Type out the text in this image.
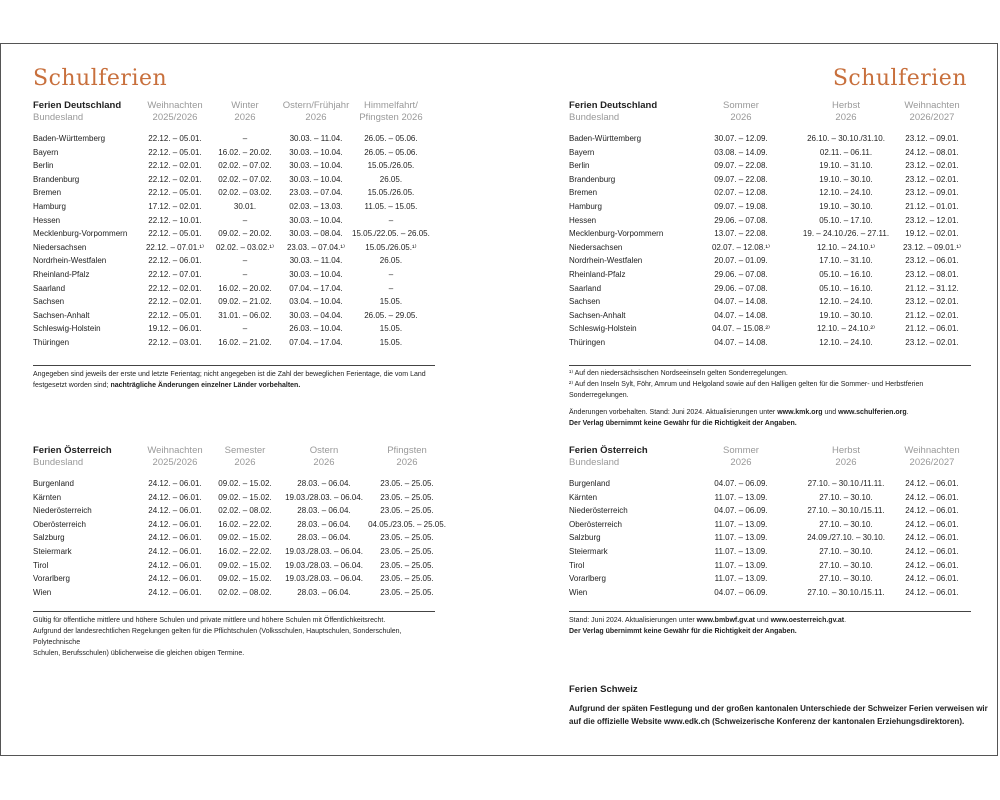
Schulferien	Schulferien
Ferien Deutschland	Weihnachten	Winter	Ostern/Frühjahr	Himmelfahrt/
Bundesland	2025/2026	2026	2026	Pfingsten 2026

Baden-Württemberg	22.12. – 05.01.	–	30.03. – 11.04.	26.05. – 05.06.
Bayern	22.12. – 05.01.	16.02. – 20.02.	30.03. – 10.04.	26.05. – 05.06.
Berlin	22.12. – 02.01.	02.02. – 07.02.	30.03. – 10.04.	15.05./26.05.
Brandenburg	22.12. – 02.01.	02.02. – 07.02.	30.03. – 10.04.	26.05.
Bremen	22.12. – 05.01.	02.02. – 03.02.	23.03. – 07.04.	15.05./26.05.
Hamburg	17.12. – 02.01.	30.01.	02.03. – 13.03.	11.05. – 15.05.
Hessen	22.12. – 10.01.	–	30.03. – 10.04.	–
Mecklenburg-Vorpommern	22.12. – 05.01.	09.02. – 20.02.	30.03. – 08.04.	15.05./22.05. – 26.05.
Niedersachsen	22.12. – 07.01.¹⁾	02.02. – 03.02.¹⁾	23.03. – 07.04.¹⁾	15.05./26.05.¹⁾
Nordrhein-Westfalen	22.12. – 06.01.	–	30.03. – 11.04.	26.05.
Rheinland-Pfalz	22.12. – 07.01.	–	30.03. – 10.04.	–
Saarland	22.12. – 02.01.	16.02. – 20.02.	07.04. – 17.04.	–
Sachsen	22.12. – 02.01.	09.02. – 21.02.	03.04. – 10.04.	15.05.
Sachsen-Anhalt	22.12. – 05.01.	31.01. – 06.02.	30.03. – 04.04.	26.05. – 29.05.
Schleswig-Holstein	19.12. – 06.01.	–	26.03. – 10.04.	15.05.
Thüringen	22.12. – 03.01.	16.02. – 21.02.	07.04. – 17.04.	15.05.
Angegeben sind jeweils der erste und letzte Ferientag; nicht angegeben ist die Zahl der beweglichen Ferientage, die vom Land festgesetzt worden sind; nachträgliche Änderungen einzelner Länder vorbehalten.
Ferien Deutschland	Sommer	Herbst	Weihnachten
Bundesland	2026	2026	2026/2027

Baden-Württemberg	30.07. – 12.09.	26.10. – 30.10./31.10.	23.12. – 09.01.
Bayern	03.08. – 14.09.	02.11. – 06.11.	24.12. – 08.01.
Berlin	09.07. – 22.08.	19.10. – 31.10.	23.12. – 02.01.
Brandenburg	09.07. – 22.08.	19.10. – 30.10.	23.12. – 02.01.
Bremen	02.07. – 12.08.	12.10. – 24.10.	23.12. – 09.01.
Hamburg	09.07. – 19.08.	19.10. – 30.10.	21.12. – 01.01.
Hessen	29.06. – 07.08.	05.10. – 17.10.	23.12. – 12.01.
Mecklenburg-Vorpommern	13.07. – 22.08.	19. – 24.10./26. – 27.11.	19.12. – 02.01.
Niedersachsen	02.07. – 12.08.¹⁾	12.10. – 24.10.¹⁾	23.12. – 09.01.¹⁾
Nordrhein-Westfalen	20.07. – 01.09.	17.10. – 31.10.	23.12. – 06.01.
Rheinland-Pfalz	29.06. – 07.08.	05.10. – 16.10.	23.12. – 08.01.
Saarland	29.06. – 07.08.	05.10. – 16.10.	21.12. – 31.12.
Sachsen	04.07. – 14.08.	12.10. – 24.10.	23.12. – 02.01.
Sachsen-Anhalt	04.07. – 14.08.	19.10. – 30.10.	21.12. – 02.01.
Schleswig-Holstein	04.07. – 15.08.²⁾	12.10. – 24.10.²⁾	21.12. – 06.01.
Thüringen	04.07. – 14.08.	12.10. – 24.10.	23.12. – 02.01.
¹⁾ Auf den niedersächsischen Nordseeinseln gelten Sonderregelungen.
²⁾ Auf den Inseln Sylt, Föhr, Amrum und Helgoland sowie auf den Halligen gelten für die Sommer- und Herbstferien Sonderregelungen.
Änderungen vorbehalten. Stand: Juni 2024. Aktualisierungen unter www.kmk.org und www.schulferien.org.
Der Verlag übernimmt keine Gewähr für die Richtigkeit der Angaben.
Ferien Österreich	Weihnachten	Semester	Ostern	Pfingsten
Bundesland	2025/2026	2026	2026	2026

Burgenland	24.12. – 06.01.	09.02. – 15.02.	28.03. – 06.04.	23.05. – 25.05.
Kärnten	24.12. – 06.01.	09.02. – 15.02.	19.03./28.03. – 06.04.	23.05. – 25.05.
Niederösterreich	24.12. – 06.01.	02.02. – 08.02.	28.03. – 06.04.	23.05. – 25.05.
Oberösterreich	24.12. – 06.01.	16.02. – 22.02.	28.03. – 06.04.	04.05./23.05. – 25.05.
Salzburg	24.12. – 06.01.	09.02. – 15.02.	28.03. – 06.04.	23.05. – 25.05.
Steiermark	24.12. – 06.01.	16.02. – 22.02.	19.03./28.03. – 06.04.	23.05. – 25.05.
Tirol	24.12. – 06.01.	09.02. – 15.02.	19.03./28.03. – 06.04.	23.05. – 25.05.
Vorarlberg	24.12. – 06.01.	09.02. – 15.02.	19.03./28.03. – 06.04.	23.05. – 25.05.
Wien	24.12. – 06.01.	02.02. – 08.02.	28.03. – 06.04.	23.05. – 25.05.
Gültig für öffentliche mittlere und höhere Schulen und private mittlere und höhere Schulen mit Öffentlichkeitsrecht.
Aufgrund der landesrechtlichen Regelungen gelten für die Pflichtschulen (Volksschulen, Hauptschulen, Sonderschulen, Polytechnische
Schulen, Berufsschulen) üblicherweise die gleichen obigen Termine.
Ferien Österreich	Sommer	Herbst	Weihnachten
Bundesland	2026	2026	2026/2027

Burgenland	04.07. – 06.09.	27.10. – 30.10./11.11.	24.12. – 06.01.
Kärnten	11.07. – 13.09.	27.10. – 30.10.	24.12. – 06.01.
Niederösterreich	04.07. – 06.09.	27.10. – 30.10./15.11.	24.12. – 06.01.
Oberösterreich	11.07. – 13.09.	27.10. – 30.10.	24.12. – 06.01.
Salzburg	11.07. – 13.09.	24.09./27.10. – 30.10.	24.12. – 06.01.
Steiermark	11.07. – 13.09.	27.10. – 30.10.	24.12. – 06.01.
Tirol	11.07. – 13.09.	27.10. – 30.10.	24.12. – 06.01.
Vorarlberg	11.07. – 13.09.	27.10. – 30.10.	24.12. – 06.01.
Wien	04.07. – 06.09.	27.10. – 30.10./15.11.	24.12. – 06.01.
Stand: Juni 2024. Aktualisierungen unter www.bmbwf.gv.at und www.oesterreich.gv.at.
Der Verlag übernimmt keine Gewähr für die Richtigkeit der Angaben.
Ferien Schweiz
Aufgrund der späten Festlegung und der großen kantonalen Unterschiede der Schweizer Ferien verweisen wir
auf die offizielle Website www.edk.ch (Schweizerische Konferenz der kantonalen Erziehungsdirektoren).
